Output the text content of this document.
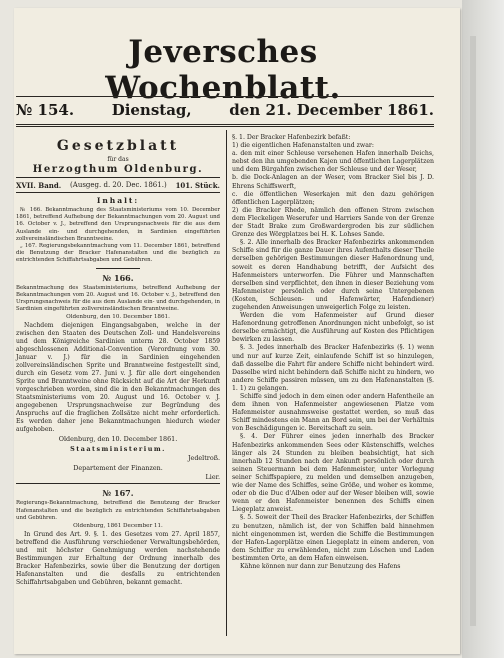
Jeversches Wochenblatt.
№ 154.	Dienstag,	den 21. December 1861.
Gesetzblatt
für das
Herzogthum Oldenburg.
XVII. Band. (Ausgeg. d. 20. Dec. 1861.) 101. Stück.
Inhalt:

№ 166. Bekanntmachung des Staatsministeriums vom 10. December 1861, betreffend Aufhebung der Bekanntmachungen vom 20. August und 16. October v. J., betreffend den Ursprungsnachweis für die aus dem Auslande ein- und durchgehenden, in Sardinien eingeführten zollvereinsländischen Branntweine.

„ 167. Regierungsbekanntmachung vom 11. December 1861, betreffend die Benutzung der Bracker Hafenanstalten und die bezüglich zu entrichtenden Schiffahrtsabgaben und Gebühren.

№ 166.
Bekanntmachung des Staatsministeriums, betreffend Aufhebung der Bekanntmachungen vom 20. August und 16. October v. J., betreffend den Ursprungsnachweis für die aus dem Auslande ein- und durchgehenden, in Sardinien eingeführten zollvereinsländischen Branntweine.
Oldenburg, den 10. December 1861.

Nachdem diejenigen Eingangsabgaben, welche in der zwischen den Staaten des Deutschen Zoll- und Handelsvereins und dem Königreiche Sardinien unterm 28. October 1859 abgeschlossenen Additional-Convention (Verordnung vom 30. Januar v. J.) für die in Sardinien eingehenden zollvereinsländischen Sprite und Branntweine festgestellt sind, durch ein Gesetz vom 27. Juni v. J. für alle dort eingehenden Sprite und Branntweine ohne Rücksicht auf die Art der Herkunft vorgeschrieben worden, sind die in den Bekanntmachungen des Staatsministeriums vom 20. August und 16. October v. J. angegebenen Ursprungsnachweise zur Begründung des Anspruchs auf die fraglichen Zollsätze nicht mehr erforderlich. Es werden daher jene Bekanntmachungen hiedurch wieder aufgehoben.

Oldenburg, den 10. December 1861.
Staatsministerium.
Jedeltroß.
Departement der Finanzen.
Lier.
№ 167.
Regierungs-Bekanntmachung, betreffend die Benutzung der Bracker Hafenanstalten und die bezüglich zu entrichtenden Schiffahrtsabgaben und Gebühren.
Oldenburg, 1861 December 11.

In Grund des Art. 9. §. 1. des Gesetzes vom 27. April 1857, betreffend die Ausführung verschiedener Verwaltungsbehörden, und mit höchster Genehmigung werden nachstehende Bestimmungen zur Erhaltung der Ordnung innerhalb des Bracker Hafenbezirks, sowie über die Benutzung der dortigen Hafenanstalten und die desfalls zu entrichtenden Schiffahrtsabgaben und Gebühren, bekannt gemacht.

§. 1. Der Bracker Hafenbezirk befaßt:
1) die eigentlichen Hafenanstalten und zwar:
a. den mit einer Schleuse versehenen Hafen innerhalb Deichs, nebst den ihn umgebenden Kajen und öffentlichen Lagerplätzen und dem Bürgahfen zwischen der Schleuse und der Weser,
b. die Dock-Anlagen an der Weser, vom Bracker Siel bis J. D. Ehrens Schiffswerft,
c. die öffentlichen Weserkajen mit den dazu gehörigen öffentlichen Lagerplätzen;
2) die Bracker Rhede, nämlich den offenen Strom zwischen dem Fleckeligen Weserufer und Harriers Sande von der Grenze der Stadt Brake zum Großwardergroden bis zur südlichen Grenze des Wörgplatzes bei H. K. Lohses Sande.

§. 2. Alle innerhalb des Bracker Hafenbezirks ankommenden Schiffe sind für die ganze Dauer ihres Aufenthalts dieser Theile derselben gehörigen Bestimmungen dieser Hafenordnung und, soweit es deren Handhabung betrifft, der Aufsicht des Hafenmeisters unterworfen. Die Führer und Mannschaften derselben sind verpflichtet, den ihnen in dieser Beziehung vom Hafenmeister persönlich oder durch seine Untergebenen (Kosten, Schleusen- und Hafenwärter, Hafendiener) zugehenden Anweisungen unweigerlich Folge zu leisten.

Werden die vom Hafenmeister auf Grund dieser Hafenordnung getroffenen Anordnungen nicht unbefolgt, so ist derselbe ermächtigt, die Ausführung auf Kosten des Pflichtigen bewirken zu lassen.

§. 3. Jedes innerhalb des Bracker Hafenbezirks (§. 1) wenn und nur auf kurze Zeit, einlaufende Schiff ist so hinzulegen, daß dasselbe die Fahrt für andere Schiffe nicht behindert wird. Dasselbe wird nicht behindern daß Schiffe nicht zu hindern, wo andere Schiffe passiren müssen, um zu den Hafenanstalten (§. 1. 1) zu gelangen.

Schiffe sind jedoch in dem einen oder andern Hafentheile an dem ihnen von Hafenmeister angewiesenen Platze vom Hafenmeister ausnahmsweise gestattet werden, so muß das Schiff mindestens ein Mann an Bord sein, um bei der Verhältnis von Beschädigungen ic. Bereitschaft zu sein.

§. 4. Der Führer eines jeden innerhalb des Bracker Hafenbezirks ankommenden Sees oder Küstenschiffs, welches länger als 24 Stunden zu bleiben beabsichtigt, hat sich innerhalb 12 Stunden nach der Ankunft persönlich oder durch seinen Steuermann bei dem Hafenmeister, unter Vorlegung seiner Schiffspapiere, zu melden und demselben anzugeben, wie der Name des Schiffes, seine Größe, und woher es komme, oder ob die Duc d'Alben oder auf der Weser bleiben will, sowie wenn er den Hafenmeister benennen des Schiffs einen Liegeplatz anweist.

§. 5. Soweit der Theil des Bracker Hafenbezirks, der Schiffen zu benutzen, nämlich ist, der von Schiffen bald hinnehmen nicht eingenommen ist, werden die Schiffe die Bestimmungen der Hafen-Lagerplätze einen Liegeplatz in einem anderen, von dem Schiffer zu erwählenden, nicht zum Löschen und Laden bestimmten Orte, an dem Hafen einweisen.

Kähne können nur dann zur Benutzung des Hafens
